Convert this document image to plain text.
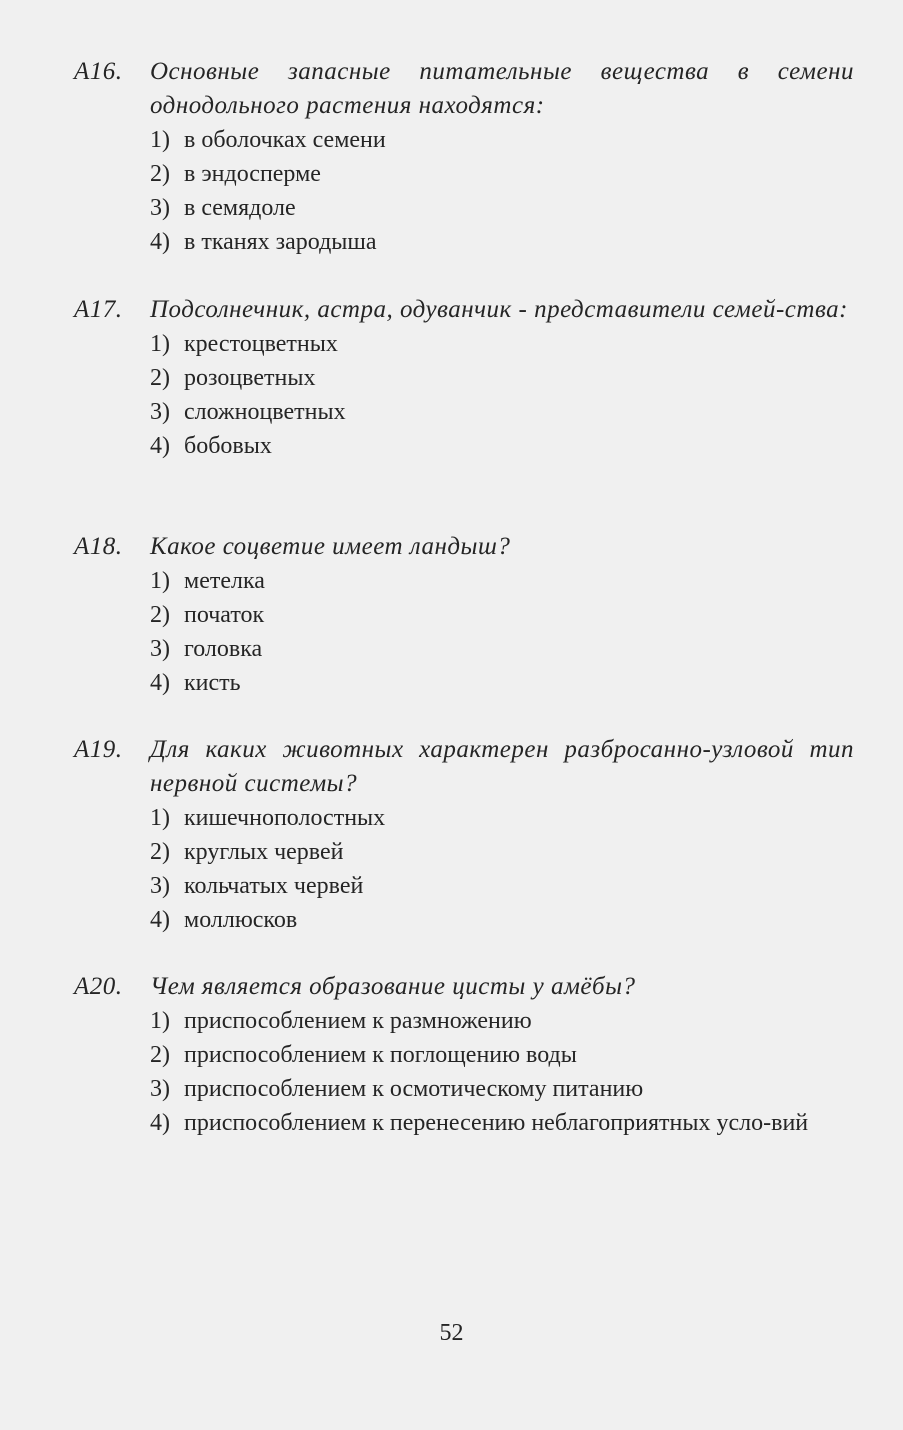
А16.	Основные запасные питательные вещества в семени однодольного растения находятся:
1) в оболочках семени
2) в эндосперме
3) в семядоле
4) в тканях зародыша
А17.	Подсолнечник, астра, одуванчик - представители семей-ства:
1) крестоцветных
2) розоцветных
3) сложноцветных
4) бобовых
А18.	Какое соцветие имеет ландыш?
1) метелка
2) початок
3) головка
4) кисть
А19.	Для каких животных характерен разбросанно-узловой тип нервной системы?
1) кишечнополостных
2) круглых червей
3) кольчатых червей
4) моллюсков
А20.	Чем является образование цисты у амёбы?
1) приспособлением к размножению
2) приспособлением к поглощению воды
3) приспособлением к осмотическому питанию
4) приспособлением к перенесению неблагоприятных усло-вий
52
